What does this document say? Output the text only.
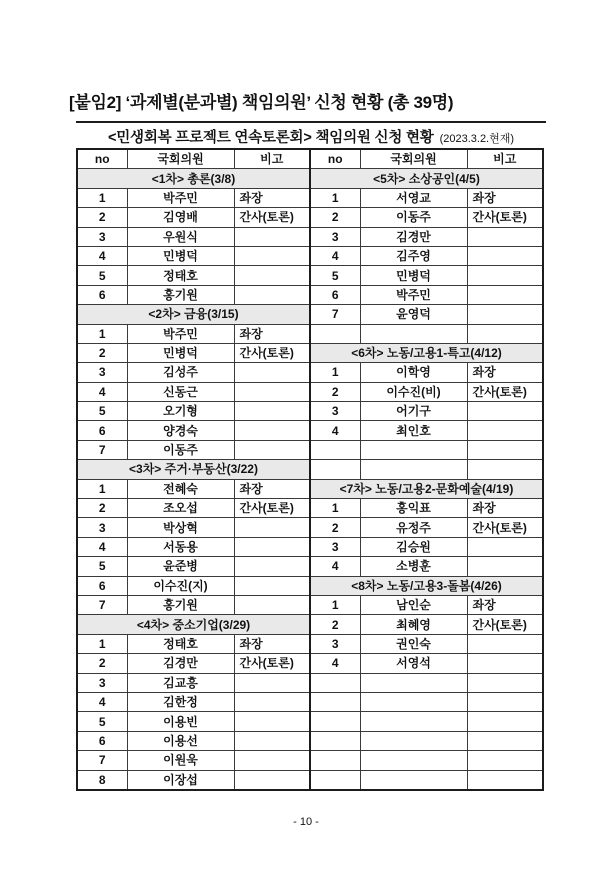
[붙임2] ‘과제별(분과별) 책임의원’ 신청 현황 (총 39명)
<민생회복 프로젝트 연속토론회> 책임의원 신청 현황 (2023.3.2.현재)
no	국회의원	비고	no	국회의원	비고
<1차> 총론(3/8)			<5차> 소상공인(4/5)		
1	박주민	좌장	1	서영교	좌장
2	김영배	간사(토론)	2	이동주	간사(토론)
3	우원식		3	김경만	
4	민병덕		4	김주영	
5	정태호		5	민병덕	
6	홍기원		6	박주민	
<2차> 금융(3/15)			7	윤영덕	
1	박주민	좌장			
2	민병덕	간사(토론)	<6차> 노동/고용1-특고(4/12)		
3	김성주		1	이학영	좌장
4	신동근		2	이수진(비)	간사(토론)
5	오기형		3	어기구	
6	양경숙		4	최인호	
7	이동주				
<3차> 주거·부동산(3/22)					
1	전혜숙	좌장	<7차> 노동/고용2-문화예술(4/19)		
2	조오섭	간사(토론)	1	홍익표	좌장
3	박상혁		2	유정주	간사(토론)
4	서동용		3	김승원	
5	윤준병		4	소병훈	
6	이수진(지)		<8차> 노동/고용3-돌봄(4/26)		
7	홍기원		1	남인순	좌장
<4차> 중소기업(3/29)			2	최혜영	간사(토론)
1	정태호	좌장	3	권인숙	
2	김경만	간사(토론)	4	서영석	
3	김교흥				
4	김한정				
5	이용빈				
6	이용선				
7	이원욱				
8	이장섭				
- 10 -
